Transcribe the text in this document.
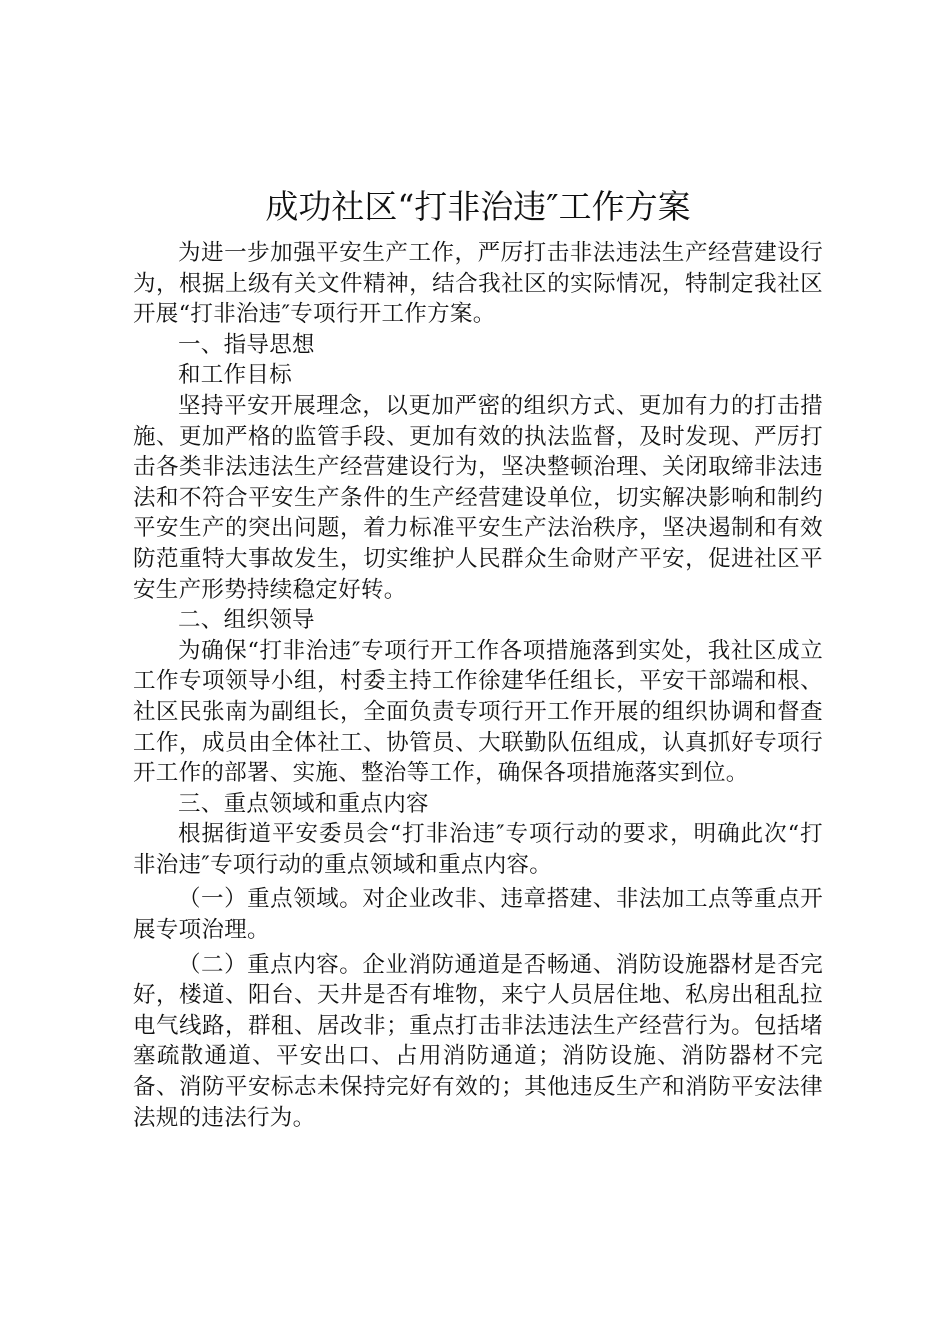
成功社区“打非治违″工作方案

为进一步加强平安生产工作，严厉打击非法违法生产经营建设行为，根据上级有关文件精神，结合我社区的实际情况，特制定我社区开展“打非治违″专项行开工作方案。

一、指导思想

和工作目标

坚持平安开展理念，以更加严密的组织方式、更加有力的打击措施、更加严格的监管手段、更加有效的执法监督，及时发现、严厉打击各类非法违法生产经营建设行为，坚决整顿治理、关闭取缔非法违法和不符合平安生产条件的生产经营建设单位，切实解决影响和制约平安生产的突出问题，着力标准平安生产法治秩序，坚决遏制和有效防范重特大事故发生，切实维护人民群众生命财产平安，促进社区平安生产形势持续稳定好转。

二、组织领导

为确保“打非治违″专项行开工作各项措施落到实处，我社区成立工作专项领导小组，村委主持工作徐建华任组长，平安干部端和根、社区民张南为副组长，全面负责专项行开工作开展的组织协调和督查工作，成员由全体社工、协管员、大联勤队伍组成，认真抓好专项行开工作的部署、实施、整治等工作，确保各项措施落实到位。

三、重点领域和重点内容

根据街道平安委员会“打非治违″专项行动的要求，明确此次“打非治违″专项行动的重点领域和重点内容。

（一）重点领域。对企业改非、违章搭建、非法加工点等重点开展专项治理。

（二）重点内容。企业消防通道是否畅通、消防设施器材是否完好，楼道、阳台、天井是否有堆物，来宁人员居住地、私房出租乱拉电气线路，群租、居改非；重点打击非法违法生产经营行为。包括堵塞疏散通道、平安出口、占用消防通道；消防设施、消防器材不完备、消防平安标志未保持完好有效的；其他违反生产和消防平安法律法规的违法行为。
